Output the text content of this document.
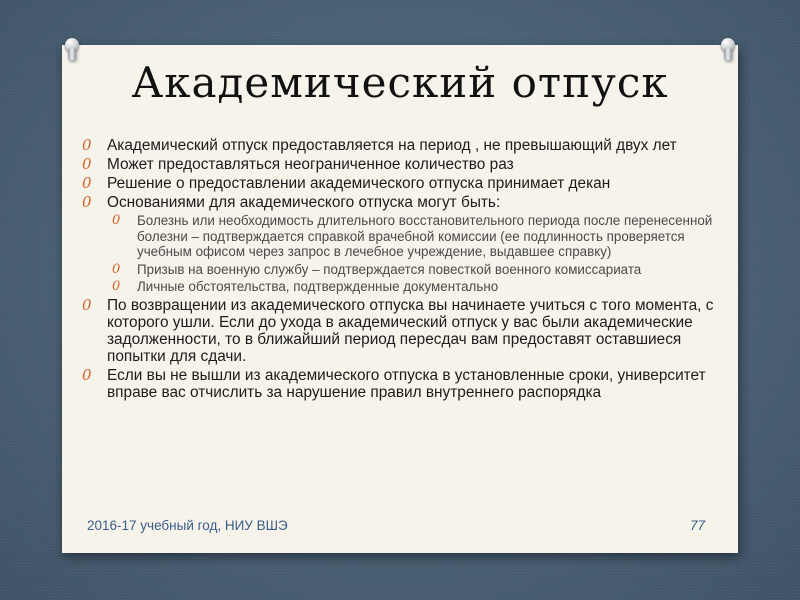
Академический отпуск
0 Академический отпуск предоставляется на период , не превышающий двух лет
0 Может предоставляться неограниченное количество раз
0 Решение о предоставлении академического отпуска принимает декан
0 Основаниями для академического отпуска могут быть:
0 Болезнь или необходимость длительного восстановительного периода после перенесенной болезни – подтверждается справкой врачебной комиссии (ее подлинность проверяется учебным офисом через запрос в лечебное учреждение, выдавшее справку)
0 Призыв на военную службу – подтверждается повесткой военного комиссариата
0 Личные обстоятельства, подтвержденные документально
0 По возвращении из академического отпуска вы начинаете учиться с того момента, с которого ушли. Если до ухода в академический отпуск у вас были академические задолженности, то в ближайший период пересдач вам предоставят оставшиеся попытки для сдачи.
0 Если вы не вышли из академического отпуска в установленные сроки, университет вправе вас отчислить за нарушение правил внутреннего распорядка
2016-17 учебный год, НИУ ВШЭ	77
